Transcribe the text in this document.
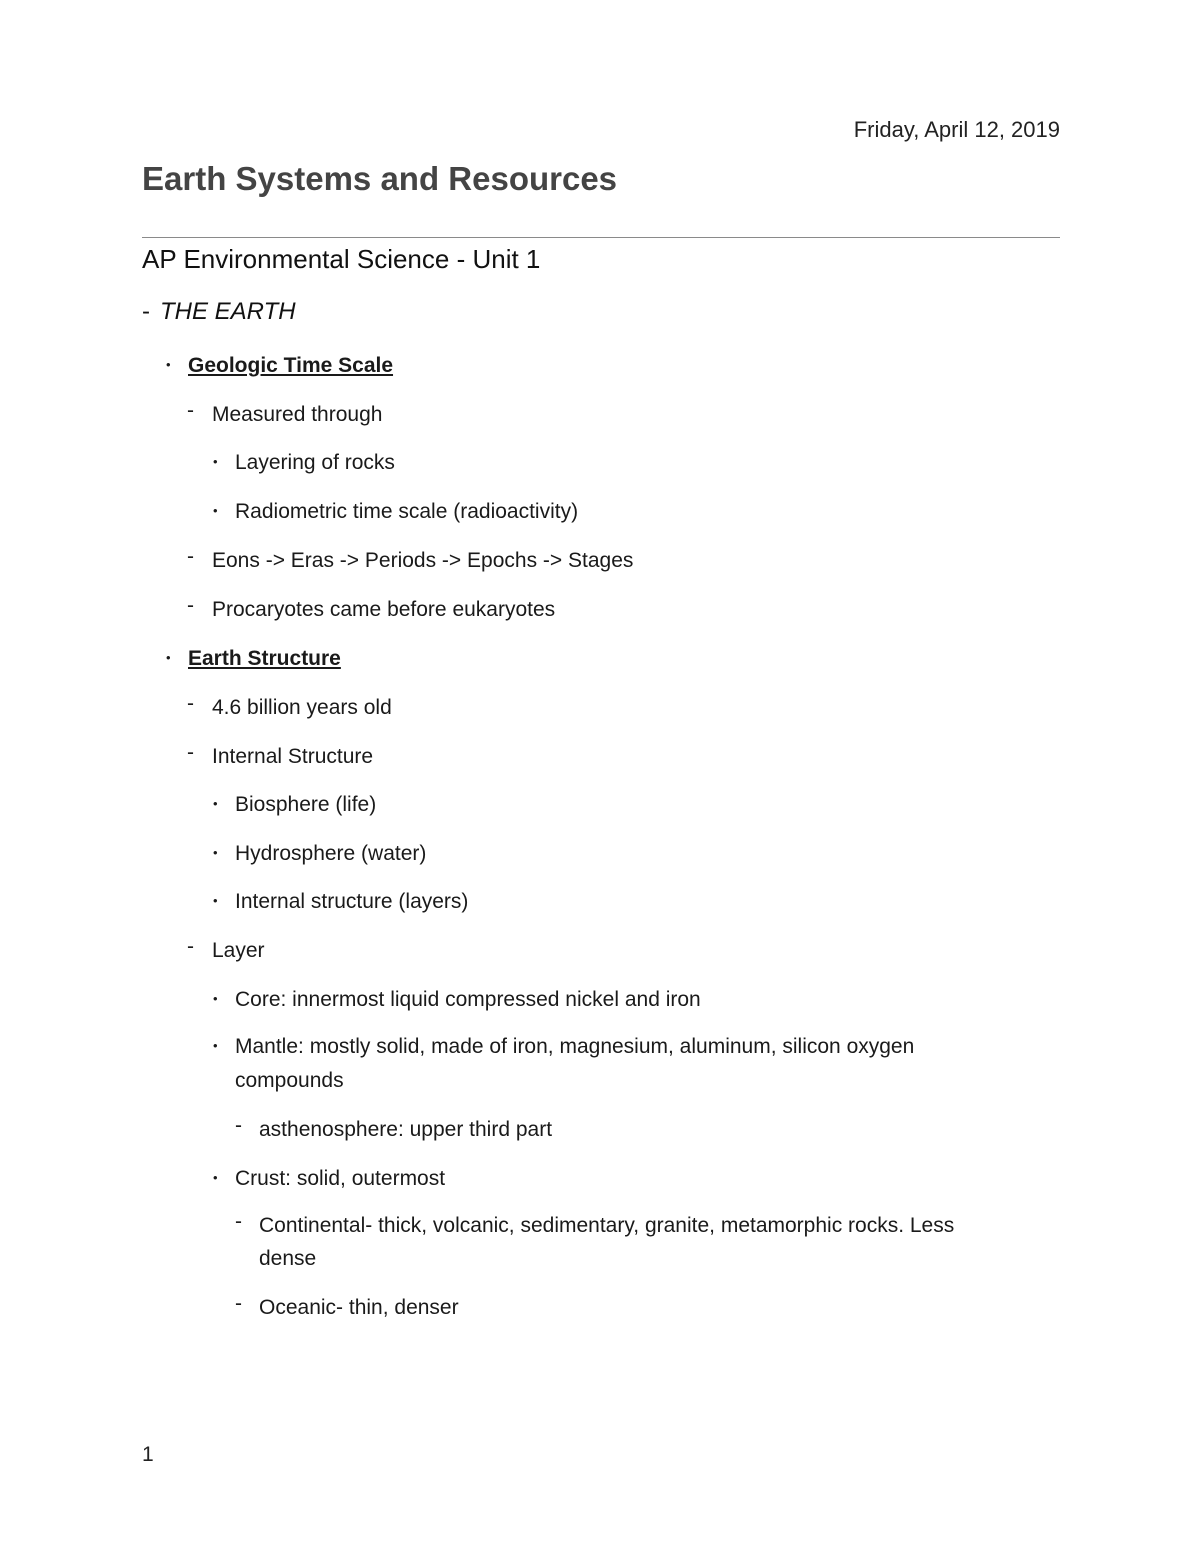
Friday, April 12, 2019
Earth Systems and Resources
AP Environmental Science - Unit 1
- THE EARTH
• Geologic Time Scale
- Measured through
• Layering of rocks
• Radiometric time scale (radioactivity)
- Eons -> Eras -> Periods -> Epochs -> Stages
- Procaryotes came before eukaryotes
• Earth Structure
- 4.6 billion years old
- Internal Structure
• Biosphere (life)
• Hydrosphere (water)
• Internal structure (layers)
- Layer
• Core: innermost liquid compressed nickel and iron
• Mantle: mostly solid, made of iron, magnesium, aluminum, silicon oxygen
compounds
- asthenosphere: upper third part
• Crust: solid, outermost
- Continental- thick, volcanic, sedimentary, granite, metamorphic rocks. Less
dense
- Oceanic- thin, denser
1
